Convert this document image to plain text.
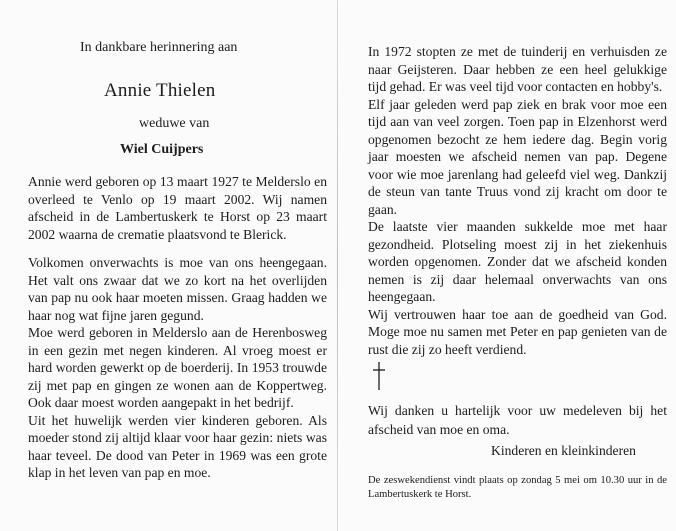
In dankbare herinnering aan
Annie Thielen
weduwe van
Wiel Cuijpers

Annie werd geboren op 13 maart 1927 te Melderslo en overleed te Venlo op 19 maart 2002. Wij namen afscheid in de Lambertuskerk te Horst op 23 maart 2002 waarna de crematie plaatsvond te Blerick.

Volkomen onverwachts is moe van ons heengegaan. Het valt ons zwaar dat we zo kort na het overlijden van pap nu ook haar moeten missen. Graag hadden we haar nog wat fijne jaren gegund.

Moe werd geboren in Melderslo aan de Herenbosweg in een gezin met negen kinderen. Al vroeg moest er hard worden gewerkt op de boerderij. In 1953 trouwde zij met pap en gingen ze wonen aan de Koppertweg. Ook daar moest worden aangepakt in het bedrijf.

Uit het huwelijk werden vier kinderen geboren. Als moeder stond zij altijd klaar voor haar gezin: niets was haar teveel. De dood van Peter in 1969 was een grote klap in het leven van pap en moe.

In 1972 stopten ze met de tuinderij en verhuisden ze naar Geijsteren. Daar hebben ze een heel gelukkige tijd gehad. Er was veel tijd voor contacten en hobby's.

Elf jaar geleden werd pap ziek en brak voor moe een tijd aan van veel zorgen. Toen pap in Elzenhorst werd opgenomen bezocht ze hem iedere dag. Begin vorig jaar moesten we afscheid nemen van pap. Degene voor wie moe jarenlang had geleefd viel weg. Dankzij de steun van tante Truus vond zij kracht om door te gaan.

De laatste vier maanden sukkelde moe met haar gezondheid. Plotseling moest zij in het ziekenhuis worden opgenomen. Zonder dat we afscheid konden nemen is zij daar helemaal onverwachts van ons heengegaan.

Wij vertrouwen haar toe aan de goedheid van God. Moge moe nu samen met Peter en pap genieten van de rust die zij zo heeft verdiend.

Wij danken u hartelijk voor uw medeleven bij het afscheid van moe en oma.
Kinderen en kleinkinderen
De zeswekendienst vindt plaats op zondag 5 mei om 10.30 uur in de Lambertuskerk te Horst.
